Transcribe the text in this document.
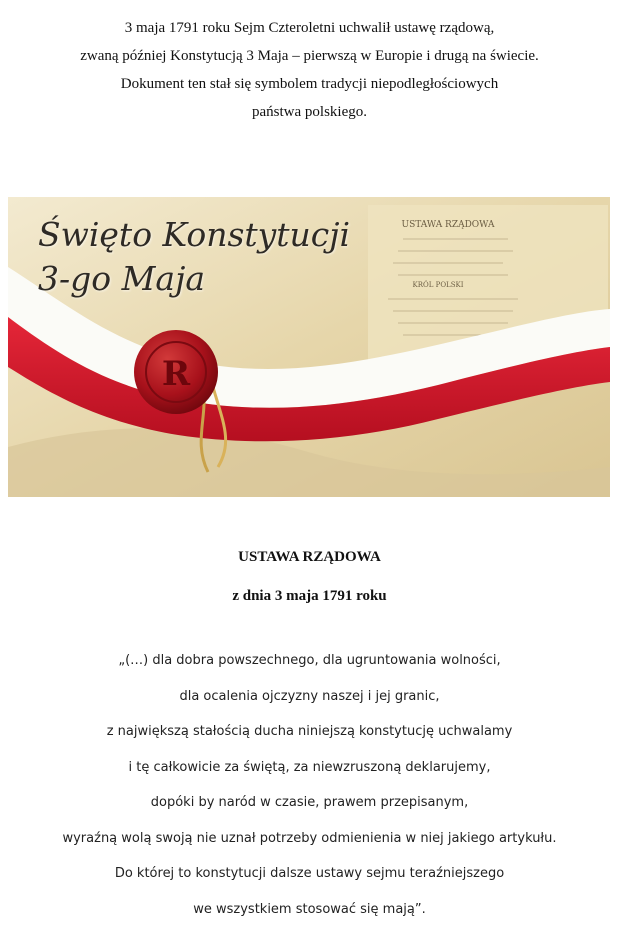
3 maja 1791 roku Sejm Czteroletni uchwalił ustawę rządową,
zwaną później Konstytucją 3 Maja – pierwszą w Europie i drugą na świecie.
Dokument ten stał się symbolem tradycji niepodległościowych
państwa polskiego.
USTAWA RZĄDOWA
KRÓL POLSKI
R
Święto Konstytucji
3-go Maja
USTAWA RZĄDOWA
z dnia 3 maja 1791 roku
„(…) dla dobra powszechnego, dla ugruntowania wolności,
dla ocalenia ojczyzny naszej i jej granic,
z największą stałością ducha niniejszą konstytucję uchwalamy
i tę całkowicie za świętą, za niewzruszoną deklarujemy,
dopóki by naród w czasie, prawem przepisanym,
wyraźną wolą swoją nie uznał potrzeby odmienienia w niej jakiego artykułu.
Do której to konstytucji dalsze ustawy sejmu teraźniejszego
we wszystkiem stosować się mają”.
